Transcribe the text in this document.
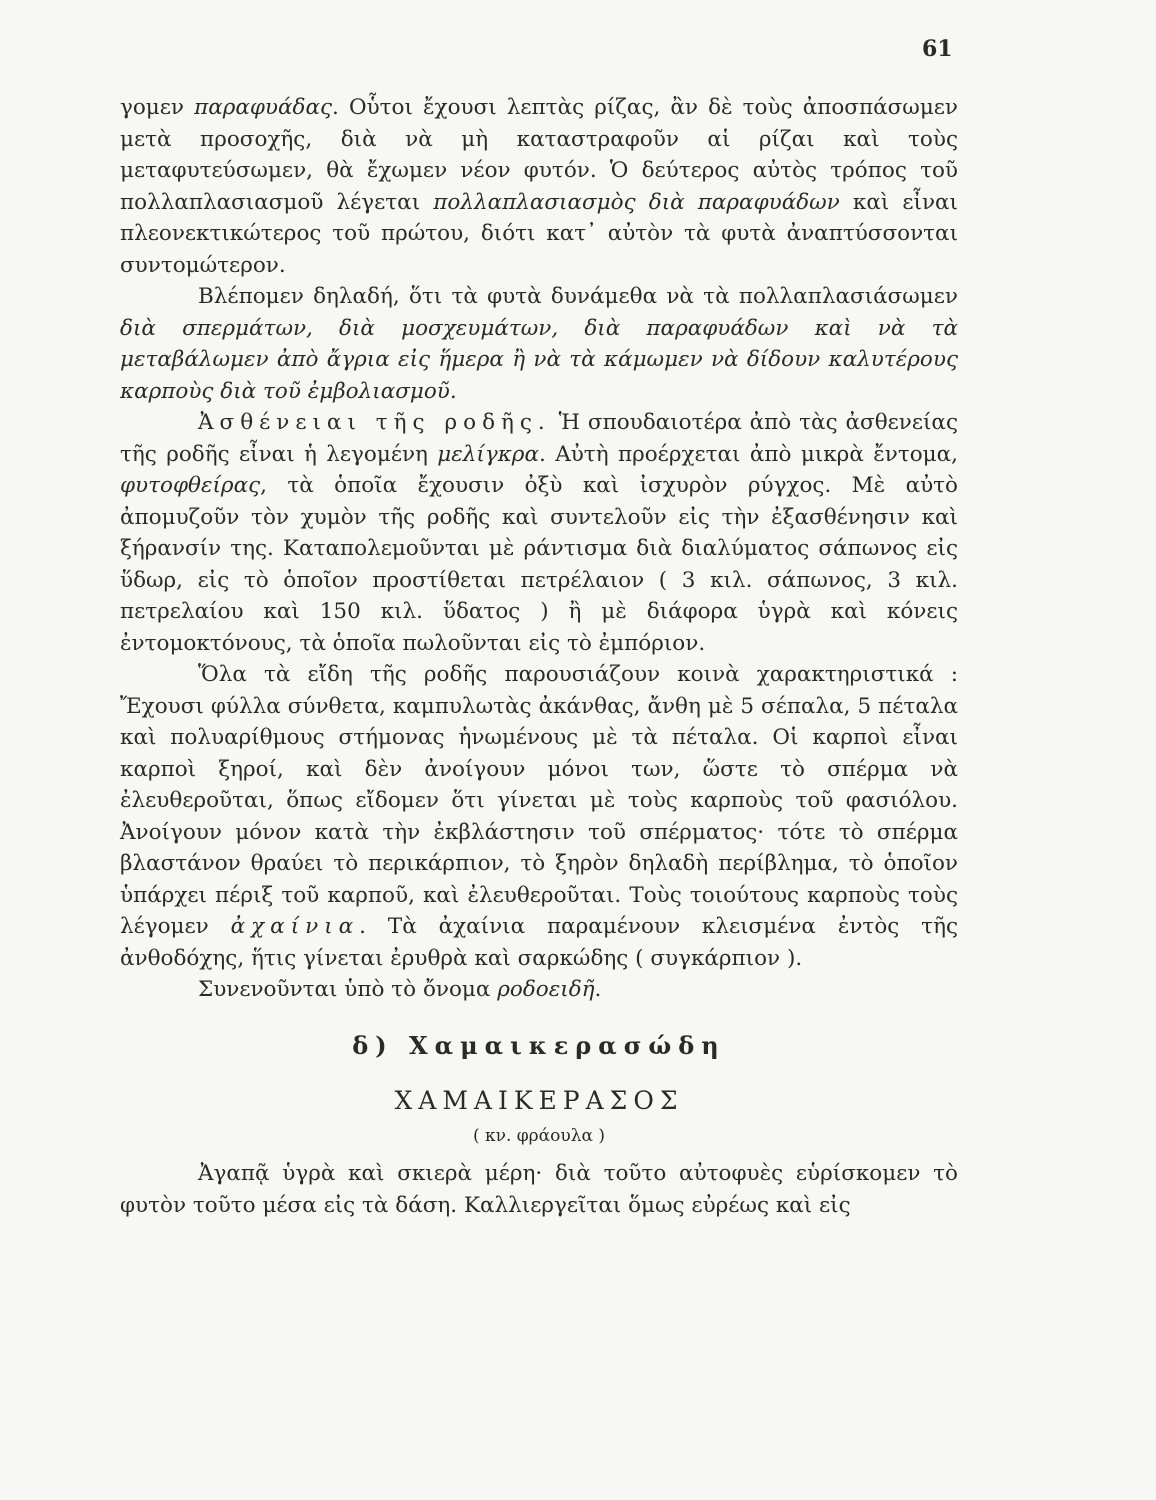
61

γομεν παραφυάδας. Οὗτοι ἔχουσι λεπτὰς ρίζας, ἂν δὲ τοὺς ἀποσπάσωμεν μετὰ προσοχῆς, διὰ νὰ μὴ καταστραφοῦν αἱ ρίζαι καὶ τοὺς μεταφυτεύσωμεν, θὰ ἔχωμεν νέον φυτόν. Ὁ δεύτερος αὐτὸς τρόπος τοῦ πολλαπλασιασμοῦ λέγεται πολλαπλασιασμὸς διὰ παραφυάδων καὶ εἶναι πλεονεκτικώτερος τοῦ πρώτου, διότι κατ᾽ αὐτὸν τὰ φυτὰ ἀναπτύσσονται συντομώτερον.

Βλέπομεν δηλαδή, ὅτι τὰ φυτὰ δυνάμεθα νὰ τὰ πολλαπλασιάσωμεν διὰ σπερμάτων, διὰ μοσχευμάτων, διὰ παραφυάδων καὶ νὰ τὰ μεταβάλωμεν ἀπὸ ἄγρια εἰς ἥμερα ἢ νὰ τὰ κάμωμεν νὰ δίδουν καλυτέρους καρποὺς διὰ τοῦ ἐμβολιασμοῦ.

Ἀσθένειαι τῆς ροδῆς. Ἡ σπουδαιοτέρα ἀπὸ τὰς ἀσθενείας τῆς ροδῆς εἶναι ἡ λεγομένη μελίγκρα. Αὐτὴ προέρχεται ἀπὸ μικρὰ ἔντομα, φυτοφθείρας, τὰ ὁποῖα ἔχουσιν ὀξὺ καὶ ἰσχυρὸν ρύγχος. Μὲ αὐτὸ ἀπομυζοῦν τὸν χυμὸν τῆς ροδῆς καὶ συντελοῦν εἰς τὴν ἐξασθένησιν καὶ ξήρανσίν της. Καταπολεμοῦνται μὲ ράντισμα διὰ διαλύματος σάπωνος εἰς ὕδωρ, εἰς τὸ ὁποῖον προστίθεται πετρέλαιον ( 3 κιλ. σάπωνος, 3 κιλ. πετρελαίου καὶ 150 κιλ. ὕδατος ) ἢ μὲ διάφορα ὑγρὰ καὶ κόνεις ἐντομοκτόνους, τὰ ὁποῖα πωλοῦνται εἰς τὸ ἐμπόριον.

Ὅλα τὰ εἴδη τῆς ροδῆς παρουσιάζουν κοινὰ χαρακτηριστικά : Ἔχουσι φύλλα σύνθετα, καμπυλωτὰς ἀκάνθας, ἄνθη μὲ 5 σέπαλα, 5 πέταλα καὶ πολυαρίθμους στήμονας ἡνωμένους μὲ τὰ πέταλα. Οἱ καρποὶ εἶναι καρποὶ ξηροί, καὶ δὲν ἀνοίγουν μόνοι των, ὥστε τὸ σπέρμα νὰ ἐλευθεροῦται, ὅπως εἴδομεν ὅτι γίνεται μὲ τοὺς καρποὺς τοῦ φασιόλου. Ἀνοίγουν μόνον κατὰ τὴν ἐκβλάστησιν τοῦ σπέρματος· τότε τὸ σπέρμα βλαστάνον θραύει τὸ περικάρπιον, τὸ ξηρὸν δηλαδὴ περίβλημα, τὸ ὁποῖον ὑπάρχει πέριξ τοῦ καρποῦ, καὶ ἐλευθεροῦται. Τοὺς τοιούτους καρποὺς τοὺς λέγομεν ἀχαίνια. Τὰ ἀχαίνια παραμένουν κλεισμένα ἐντὸς τῆς ἀνθοδόχης, ἥτις γίνεται ἐρυθρὰ καὶ σαρκώδης ( συγκάρπιον ).

Συνενοῦνται ὑπὸ τὸ ὄνομα ροδοειδῆ.

δ) Χαμαικερασώδη
ΧΑΜΑΙΚΕΡΑΣΟΣ
( κν. φράουλα )

Ἀγαπᾷ ὑγρὰ καὶ σκιερὰ μέρη· διὰ τοῦτο αὐτοφυὲς εὑρίσκομεν τὸ φυτὸν τοῦτο μέσα εἰς τὰ δάση. Καλλιεργεῖται ὅμως εὐρέως καὶ εἰς
